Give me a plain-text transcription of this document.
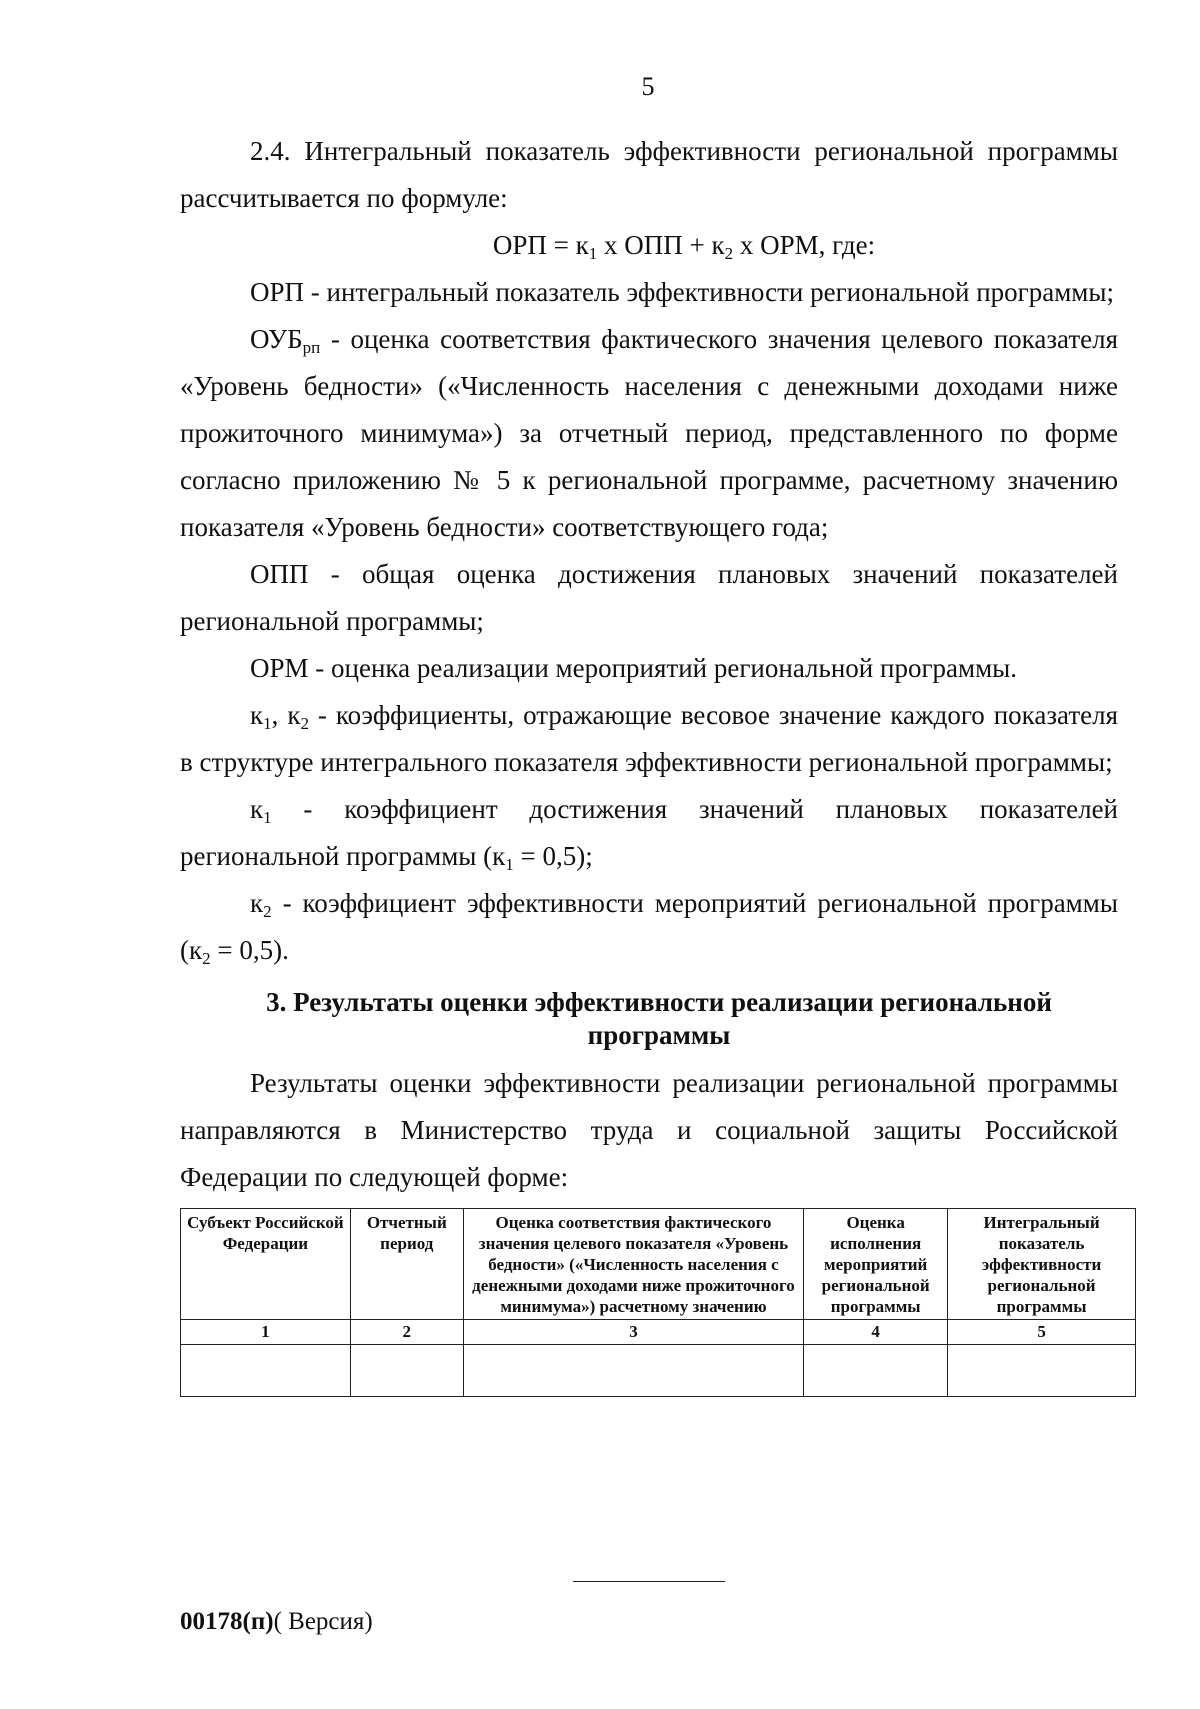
5

2.4. Интегральный показатель эффективности региональной программы рассчитывается по формуле:

ОРП = $к_1$ х ОПП + $к_2$ х ОРМ, где:

ОРП - интегральный показатель эффективности региональной программы;

$ОУБ_{рп}$ - оценка соответствия фактического значения целевого показателя «Уровень бедности» («Численность населения с денежными доходами ниже прожиточного минимума») за отчетный период, представленного по форме согласно приложению № 5 к региональной программе, расчетному значению показателя «Уровень бедности» соответствующего года;

ОПП - общая оценка достижения плановых значений показателей региональной программы;

ОРМ - оценка реализации мероприятий региональной программы.

$к_1$, $к_2$ - коэффициенты, отражающие весовое значение каждого показателя в структуре интегрального показателя эффективности региональной программы;

$к_1$ - коэффициент достижения значений плановых показателей региональной программы $(к_1 = 0,5)$;

$к_2$ - коэффициент эффективности мероприятий региональной программы $(к_2 = 0,5)$.

3. Результаты оценки эффективности реализации региональной программы

Результаты оценки эффективности реализации региональной программы направляются в Министерство труда и социальной защиты Российской Федерации по следующей форме:

Субъект Российской Федерации	Отчетный период	Оценка соответствия фактического значения целевого показателя «Уровень бедности» («Численность населения с денежными доходами ниже прожиточного минимума») расчетному значению	Оценка исполнения мероприятий региональной программы	Интегральный показатель эффективности региональной программы
1	2	3	4	5

00178(п)( Версия)
